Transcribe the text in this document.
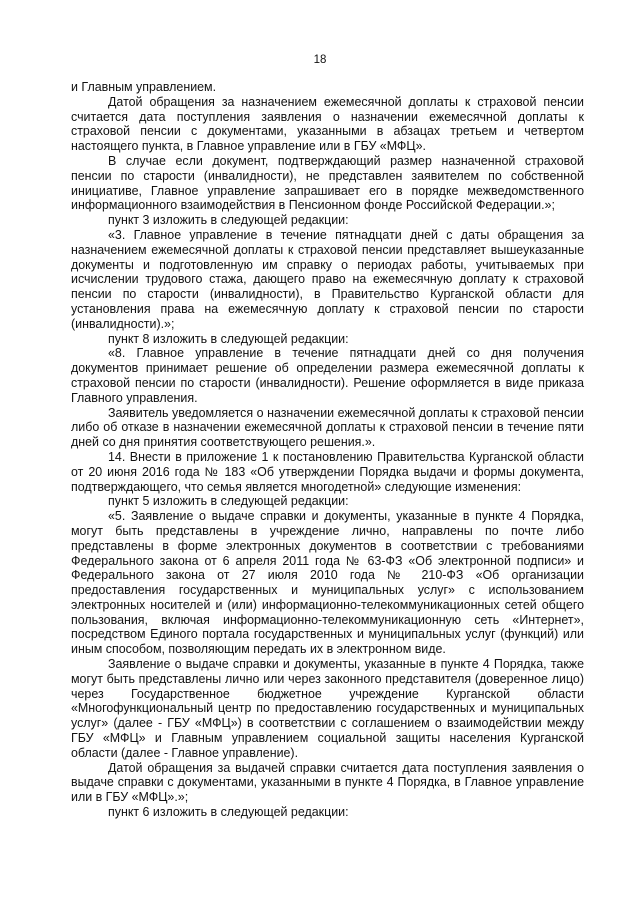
18

и Главным управлением.

Датой обращения за назначением ежемесячной доплаты к страховой пенсии считается дата поступления заявления о назначении ежемесячной доплаты к страховой пенсии с документами, указанными в абзацах третьем и четвертом настоящего пункта, в Главное управление или в ГБУ «МФЦ».

В случае если документ, подтверждающий размер назначенной страховой пенсии по старости (инвалидности), не представлен заявителем по собственной инициативе, Главное управление запрашивает его в порядке межведомственного информационного взаимодействия в Пенсионном фонде Российской Федерации.»;

пункт 3 изложить в следующей редакции:

«3. Главное управление в течение пятнадцати дней с даты обращения за назначением ежемесячной доплаты к страховой пенсии представляет вышеуказанные документы и подготовленную им справку о периодах работы, учитываемых при исчислении трудового стажа, дающего право на ежемесячную доплату к страховой пенсии по старости (инвалидности), в Правительство Курганской области для установления права на ежемесячную доплату к страховой пенсии по старости (инвалидности).»;

пункт 8 изложить в следующей редакции:

«8. Главное управление в течение пятнадцати дней со дня получения документов принимает решение об определении размера ежемесячной доплаты к страховой пенсии по старости (инвалидности). Решение оформляется в виде приказа Главного управления.

Заявитель уведомляется о назначении ежемесячной доплаты к страховой пенсии либо об отказе в назначении ежемесячной доплаты к страховой пенсии в течение пяти дней со дня принятия соответствующего решения.».

14. Внести в приложение 1 к постановлению Правительства Курганской области от 20 июня 2016 года № 183 «Об утверждении Порядка выдачи и формы документа, подтверждающего, что семья является многодетной» следующие изменения:

пункт 5 изложить в следующей редакции:

«5. Заявление о выдаче справки и документы, указанные в пункте 4 Порядка, могут быть представлены в учреждение лично, направлены по почте либо представлены в форме электронных документов в соответствии с требованиями Федерального закона от 6 апреля 2011 года № 63-ФЗ «Об электронной подписи» и Федерального закона от 27 июля 2010 года № 210-ФЗ «Об организации предоставления государственных и муниципальных услуг» с использованием электронных носителей и (или) информационно-телекоммуникационных сетей общего пользования, включая информационно-телекоммуникационную сеть «Интернет», посредством Единого портала государственных и муниципальных услуг (функций) или иным способом, позволяющим передать их в электронном виде.

Заявление о выдаче справки и документы, указанные в пункте 4 Порядка, также могут быть представлены лично или через законного представителя (доверенное лицо) через Государственное бюджетное учреждение Курганской области «Многофункциональный центр по предоставлению государственных и муниципальных услуг» (далее - ГБУ «МФЦ») в соответствии с соглашением о взаимодействии между ГБУ «МФЦ» и Главным управлением социальной защиты населения Курганской области (далее - Главное управление).

Датой обращения за выдачей справки считается дата поступления заявления о выдаче справки с документами, указанными в пункте 4 Порядка, в Главное управление или в ГБУ «МФЦ».»;

пункт 6 изложить в следующей редакции:
